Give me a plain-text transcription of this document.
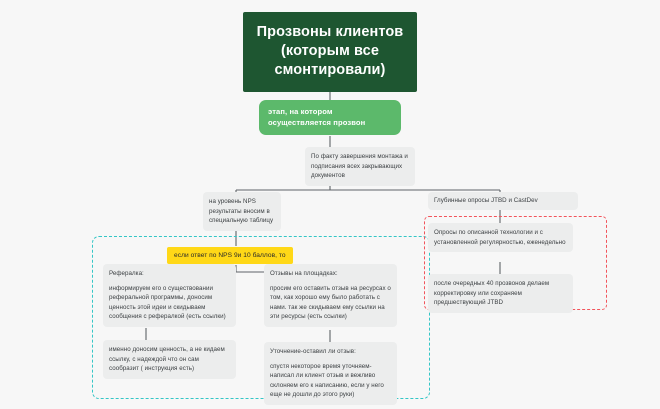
Прозвоны клиентов
(которым все
смонтировали)
этап, на котором
осуществляется прозвон

По факту завершения монтажа и подписания всех закрывающих документов

на уровень NPS результаты вносим в специальную таблицу

Глубинные опросы JTBD и CastDev

если ответ по NPS 9и 10 баллов, то

Рефералка:

информируем его о существовании реферальной программы, доносим ценность этой идеи и скидываем сообщения с рефералкой (есть ссылки)

именно доносим ценность, а не кидаем ссылку, с надеждой что он сам сообразит ( инструкция есть)

Отзывы на площадках:

просим его оставить отзыв на ресурсах о том, как хорошо ему было работать с нами. так же скидываем ему ссылки на эти ресурсы (есть ссылки)

Уточнение-оставил ли отзыв:

спустя некоторое время уточняем-написал ли клиент отзыв и вежливо склоняем его к написанию, если у него еще не дошли до этого руки)

Опросы по описанной технологии и с установленной регулярностью, еженедельно

после очередных 40 прозвонов делаем корректировку или сохраняем предшествующий JTBD
